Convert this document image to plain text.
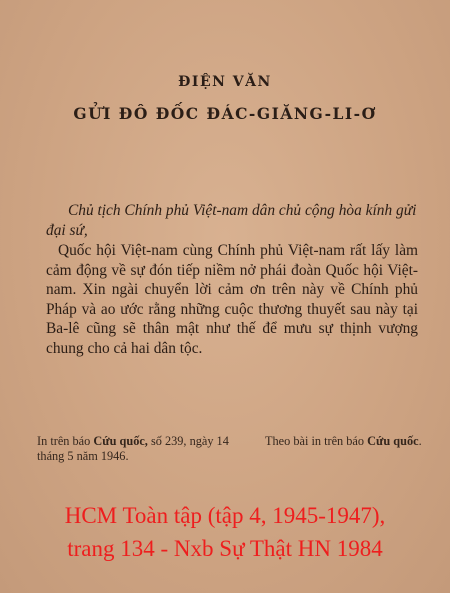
ĐIỆN VĂN
GỬI ĐÔ ĐỐC ĐÁC-GIĂNG-LI-Ơ
Chủ tịch Chính phủ Việt-nam dân chủ cộng hòa kính gửi đại sứ,
Quốc hội Việt-nam cùng Chính phủ Việt-nam rất lấy làm cảm động về sự đón tiếp niềm nở phái đoàn Quốc hội Việt-nam. Xin ngài chuyển lời cảm ơn trên này về Chính phủ Pháp và ao ước rằng những cuộc thương thuyết sau này tại Ba-lê cũng sẽ thân mật như thế để mưu sự thịnh vượng chung cho cả hai dân tộc.
In trên báo Cứu quốc, số 239, ngày 14 tháng 5 năm 1946.
Theo bài in trên báo Cứu quốc.
HCM Toàn tập (tập 4, 1945-1947),
trang 134 - Nxb Sự Thật HN 1984
